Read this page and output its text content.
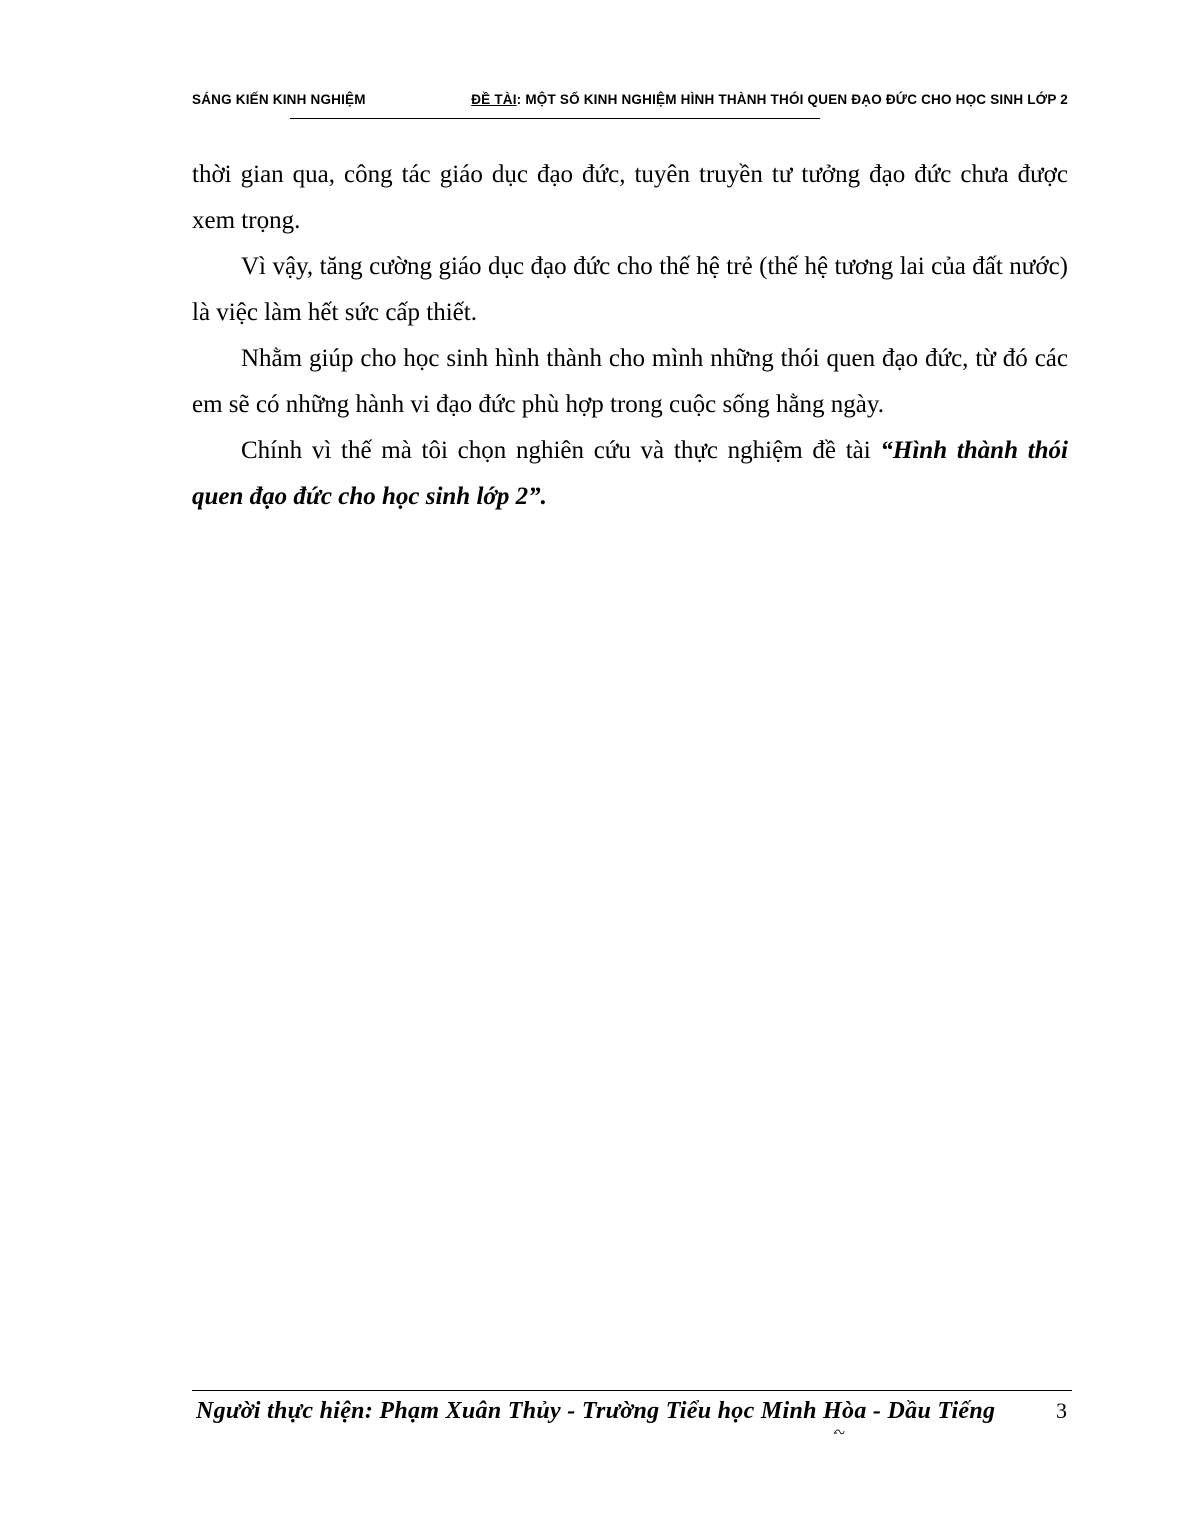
SÁNG KIẾN KINH NGHIỆM	ĐỀ TÀI: MỘT SỐ KINH NGHIỆM HÌNH THÀNH THÓI QUEN ĐẠO ĐỨC CHO HỌC SINH LỚP 2

thời gian qua, công tác giáo dục đạo đức, tuyên truyền tư tưởng đạo đức chưa được xem trọng.

Vì vậy, tăng cường giáo dục đạo đức cho thế hệ trẻ (thế hệ tương lai của đất nước) là việc làm hết sức cấp thiết.

Nhằm giúp cho học sinh hình thành cho mình những thói quen đạo đức, từ đó các em sẽ có những hành vi đạo đức phù hợp trong cuộc sống hằng ngày.

Chính vì thế mà tôi chọn nghiên cứu và thực nghiệm đề tài “Hình thành thói quen đạo đức cho học sinh lớp 2”.

Người thực hiện: Phạm Xuân Thủy - Trường Tiểu học Minh Hòa - Dầu Tiếng	3
